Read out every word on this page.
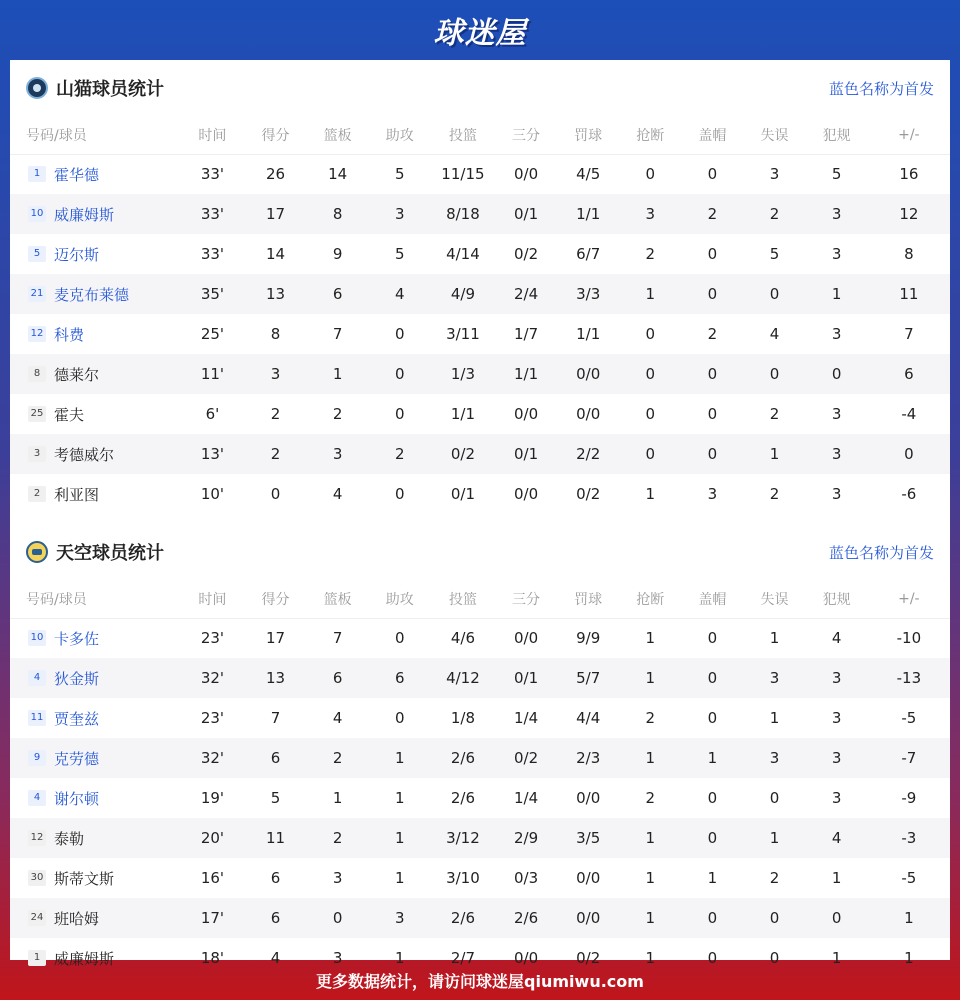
球迷屋
山猫球员统计	蓝色名称为首发
号码/球员	时间	得分	篮板	助攻	投篮	三分	罚球	抢断	盖帽	失误	犯规	+/-
1 霍华德	33'	26	14	5	11/15	0/0	4/5	0	0	3	5	16
10 威廉姆斯	33'	17	8	3	8/18	0/1	1/1	3	2	2	3	12
5 迈尔斯	33'	14	9	5	4/14	0/2	6/7	2	0	5	3	8
21 麦克布莱德	35'	13	6	4	4/9	2/4	3/3	1	0	0	1	11
12 科费	25'	8	7	0	3/11	1/7	1/1	0	2	4	3	7
8 德莱尔	11'	3	1	0	1/3	1/1	0/0	0	0	0	0	6
25 霍夫	6'	2	2	0	1/1	0/0	0/0	0	0	2	3	-4
3 考德威尔	13'	2	3	2	0/2	0/1	2/2	0	0	1	3	0
2 利亚图	10'	0	4	0	0/1	0/0	0/2	1	3	2	3	-6
天空球员统计	蓝色名称为首发
号码/球员	时间	得分	篮板	助攻	投篮	三分	罚球	抢断	盖帽	失误	犯规	+/-
10 卡多佐	23'	17	7	0	4/6	0/0	9/9	1	0	1	4	-10
4 狄金斯	32'	13	6	6	4/12	0/1	5/7	1	0	3	3	-13
11 贾奎兹	23'	7	4	0	1/8	1/4	4/4	2	0	1	3	-5
9 克劳德	32'	6	2	1	2/6	0/2	2/3	1	1	3	3	-7
4 谢尔顿	19'	5	1	1	2/6	1/4	0/0	2	0	0	3	-9
12 泰勒	20'	11	2	1	3/12	2/9	3/5	1	0	1	4	-3
30 斯蒂文斯	16'	6	3	1	3/10	0/3	0/0	1	1	2	1	-5
24 班哈姆	17'	6	0	3	2/6	2/6	0/0	1	0	0	0	1
1 威廉姆斯	18'	4	3	1	2/7	0/0	0/2	1	0	0	1	1
更多数据统计，请访问球迷屋qiumiwu.com
